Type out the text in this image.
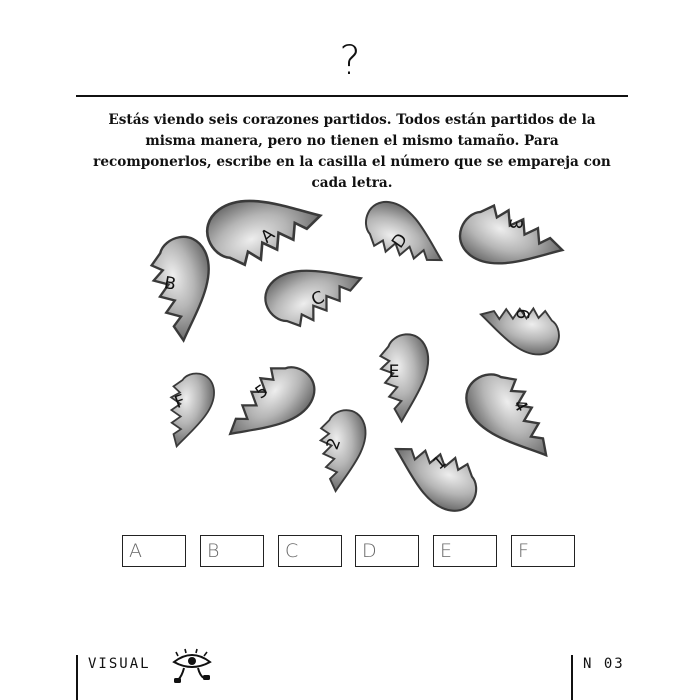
?
Estás viendo seis corazones partidos. Todos están partidos de la misma manera, pero no tienen el mismo tamaño. Para recomponerlos, escribe en la casilla el número que se empareja con cada letra.
A
B
C
D
E
F
1
2
3
4
5
6
A	B	C	D	E	F
VISUAL	N 03
